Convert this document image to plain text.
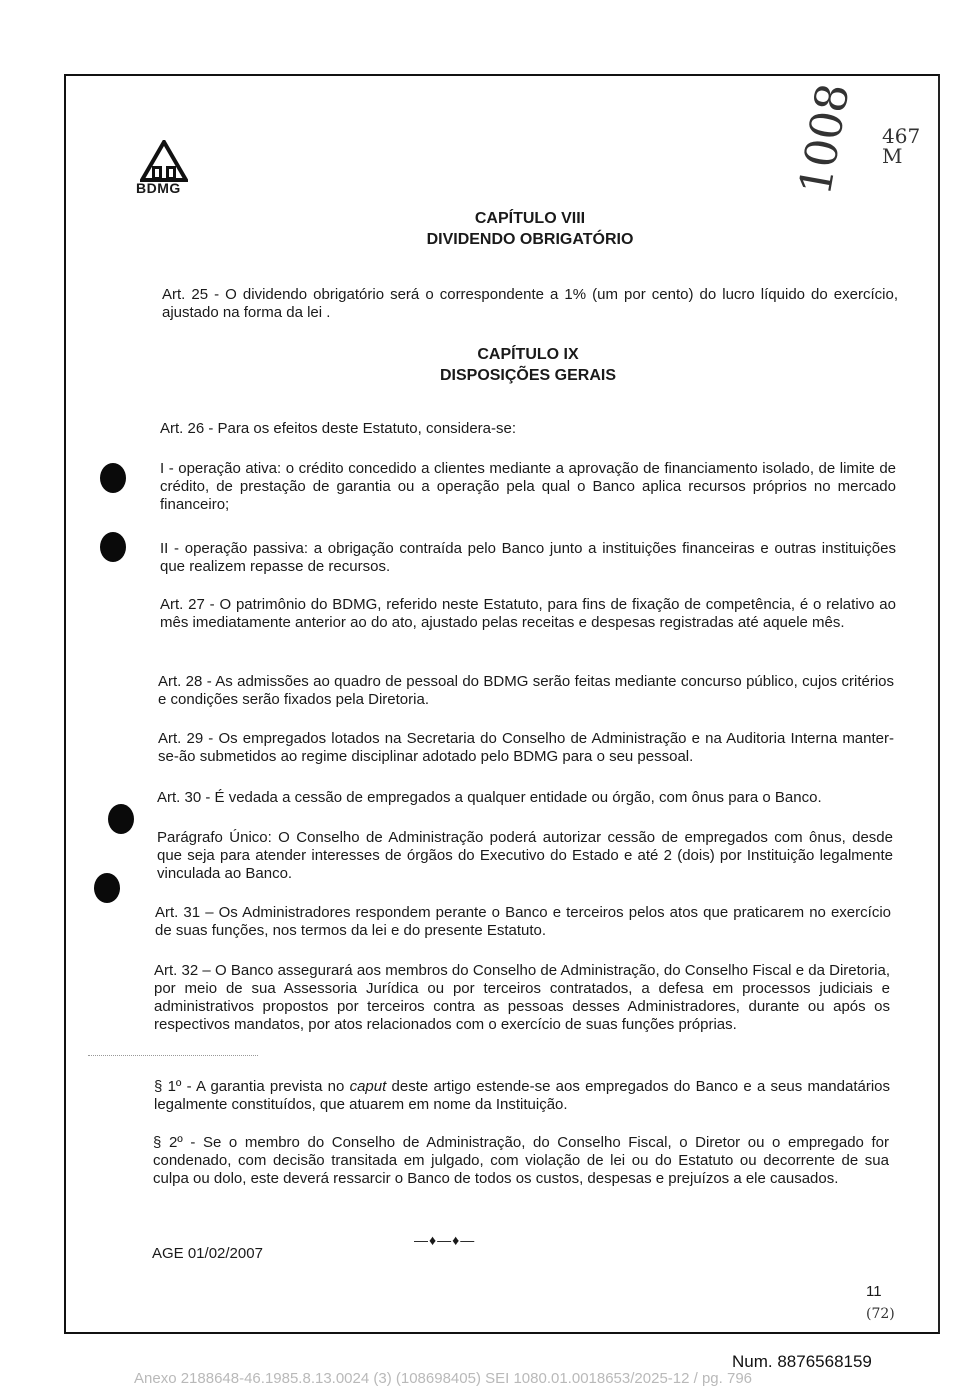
BDMG
467 M
1008
CAPÍTULO VIII
DIVIDENDO OBRIGATÓRIO

Art. 25 - O dividendo obrigatório será o correspondente a 1% (um por cento) do lucro líquido do exercício, ajustado na forma da lei .

CAPÍTULO IX
DISPOSIÇÕES GERAIS

Art. 26 - Para os efeitos deste Estatuto, considera-se:

I - operação ativa: o crédito concedido a clientes mediante a aprovação de financiamento isolado, de limite de crédito, de prestação de garantia ou a operação pela qual o Banco aplica recursos próprios no mercado financeiro;

II - operação passiva: a obrigação contraída pelo Banco junto a instituições financeiras e outras instituições que realizem repasse de recursos.

Art. 27 - O patrimônio do BDMG, referido neste Estatuto, para fins de fixação de competência, é o relativo ao mês imediatamente anterior ao do ato, ajustado pelas receitas e despesas registradas até aquele mês.

Art. 28 - As admissões ao quadro de pessoal do BDMG serão feitas mediante concurso público, cujos critérios e condições serão fixados pela Diretoria.

Art. 29 - Os empregados lotados na Secretaria do Conselho de Administração e na Auditoria Interna manter-se-ão submetidos ao regime disciplinar adotado pelo BDMG para o seu pessoal.

Art. 30 - É vedada a cessão de empregados a qualquer entidade ou órgão, com ônus para o Banco.

Parágrafo Único: O Conselho de Administração poderá autorizar cessão de empregados com ônus, desde que seja para atender interesses de órgãos do Executivo do Estado e até 2 (dois) por Instituição legalmente vinculada ao Banco.

Art. 31 – Os Administradores respondem perante o Banco e terceiros pelos atos que praticarem no exercício de suas funções, nos termos da lei e do presente Estatuto.

Art. 32 – O Banco assegurará aos membros do Conselho de Administração, do Conselho Fiscal e da Diretoria, por meio de sua Assessoria Jurídica ou por terceiros contratados, a defesa em processos judiciais e administrativos propostos por terceiros contra as pessoas desses Administradores, durante ou após os respectivos mandatos, por atos relacionados com o exercício de suas funções próprias.

§ 1º - A garantia prevista no caput deste artigo estende-se aos empregados do Banco e a seus mandatários legalmente constituídos, que atuarem em nome da Instituição.

§ 2º - Se o membro do Conselho de Administração, do Conselho Fiscal, o Diretor ou o empregado for condenado, com decisão transitada em julgado, com violação de lei ou do Estatuto ou decorrente de sua culpa ou dolo, este deverá ressarcir o Banco de todos os custos, despesas e prejuízos a ele causados.

—♦—♦—
AGE 01/02/2007
11
(72)
Num. 8876568159
Anexo 2188648-46.1985.8.13.0024 (3) (108698405) SEI 1080.01.0018653/2025-12 / pg. 796
